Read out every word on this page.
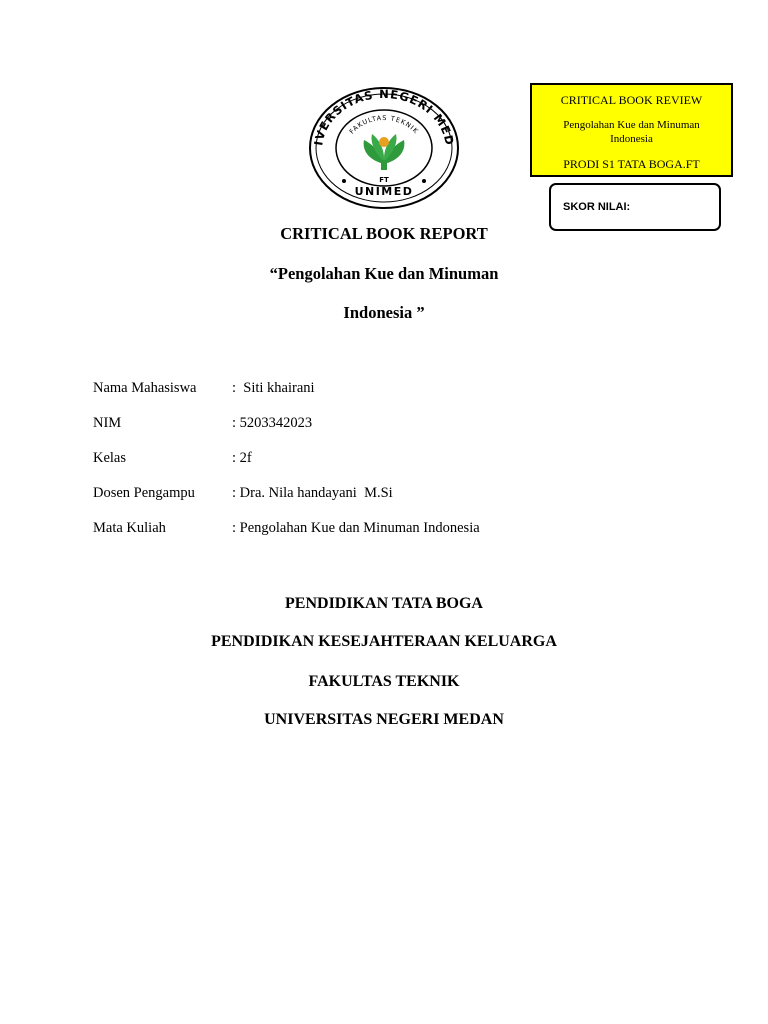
IVERSITAS NEGERI MED
FAKULTAS TEKNIK
FT
UNIMED
CRITICAL BOOK REVIEW
Pengolahan Kue dan Minuman Indonesia
PRODI S1 TATA BOGA.FT
SKOR NILAI:
CRITICAL BOOK REPORT
“Pengolahan Kue dan Minuman
Indonesia ”
Nama Mahasiswa :  Siti khairani
NIM	: 5203342023
Kelas	: 2f
Dosen Pengampu	: Dra. Nila handayani  M.Si
Mata Kuliah	: Pengolahan Kue dan Minuman Indonesia
PENDIDIKAN TATA BOGA
PENDIDIKAN KESEJAHTERAAN KELUARGA
FAKULTAS TEKNIK
UNIVERSITAS NEGERI MEDAN
